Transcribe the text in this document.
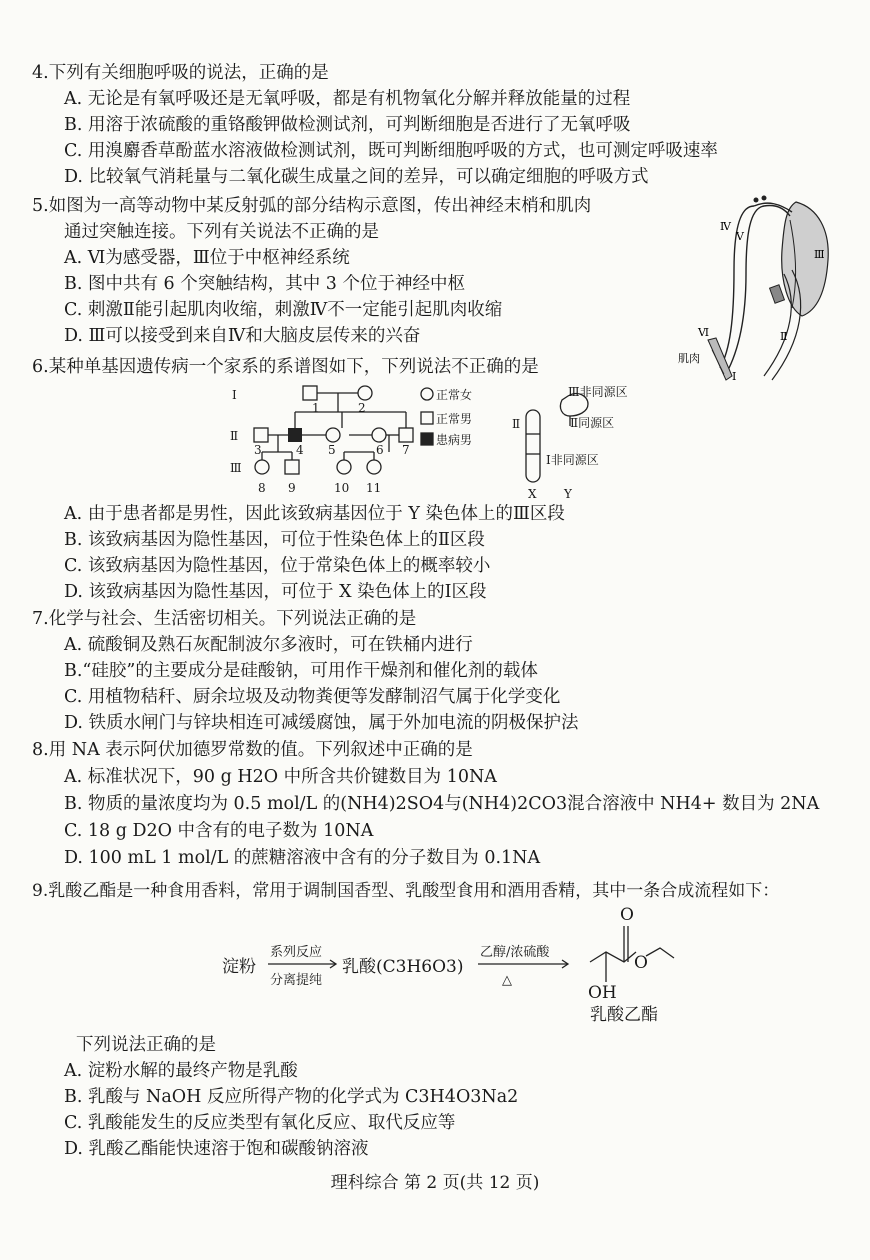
4.下列有关细胞呼吸的说法，正确的是
A. 无论是有氧呼吸还是无氧呼吸，都是有机物氧化分解并释放能量的过程
B. 用溶于浓硫酸的重铬酸钾做检测试剂，可判断细胞是否进行了无氧呼吸
C. 用溴麝香草酚蓝水溶液做检测试剂，既可判断细胞呼吸的方式，也可测定呼吸速率
D. 比较氧气消耗量与二氧化碳生成量之间的差异，可以确定细胞的呼吸方式
5.如图为一高等动物中某反射弧的部分结构示意图，传出神经末梢和肌肉
通过突触连接。下列有关说法不正确的是
A. Ⅵ为感受器，Ⅲ位于中枢神经系统
B. 图中共有 6 个突触结构，其中 3 个位于神经中枢
C. 刺激Ⅱ能引起肌肉收缩，刺激Ⅳ不一定能引起肌肉收缩
D. Ⅲ可以接受到来自Ⅳ和大脑皮层传来的兴奋
Ⅳ
Ⅴ
Ⅲ
Ⅱ
Ⅵ
肌肉
Ⅰ
6.某种单基因遗传病一个家系的系谱图如下，下列说法不正确的是
Ⅰ
Ⅱ
Ⅲ
1	2
3	4 5	6 7
8 9	10 11
正常女
正常男
患病男
Ⅲ非同源区
Ⅱ同源区
Ⅰ非同源区
Ⅱ
X Y
A. 由于患者都是男性，因此该致病基因位于 Y 染色体上的Ⅲ区段
B. 该致病基因为隐性基因，可位于性染色体上的Ⅱ区段
C. 该致病基因为隐性基因，位于常染色体上的概率较小
D. 该致病基因为隐性基因，可位于 X 染色体上的Ⅰ区段
7.化学与社会、生活密切相关。下列说法正确的是
A. 硫酸铜及熟石灰配制波尔多液时，可在铁桶内进行
B.“硅胶”的主要成分是硅酸钠，可用作干燥剂和催化剂的载体
C. 用植物秸秆、厨余垃圾及动物粪便等发酵制沼气属于化学变化
D. 铁质水闸门与锌块相连可减缓腐蚀，属于外加电流的阴极保护法
8.用 NA 表示阿伏加德罗常数的值。下列叙述中正确的是
A. 标准状况下，90 g H2O 中所含共价键数目为 10NA
B. 物质的量浓度均为 0.5 mol/L 的(NH4)2SO4与(NH4)2CO3混合溶液中 NH4+ 数目为 2NA
C. 18 g D2O 中含有的电子数为 10NA
D. 100 mL 1 mol/L 的蔗糖溶液中含有的分子数目为 0.1NA
9.乳酸乙酯是一种食用香料，常用于调制国香型、乳酸型食用和酒用香精，其中一条合成流程如下：
淀粉
系列反应
分离提纯
乳酸(C3H6O3)
乙醇/浓硫酸
△
O
O
OH
乳酸乙酯
下列说法正确的是
A. 淀粉水解的最终产物是乳酸
B. 乳酸与 NaOH 反应所得产物的化学式为 C3H4O3Na2
C. 乳酸能发生的反应类型有氧化反应、取代反应等
D. 乳酸乙酯能快速溶于饱和碳酸钠溶液
理科综合 第 2 页(共 12 页)
